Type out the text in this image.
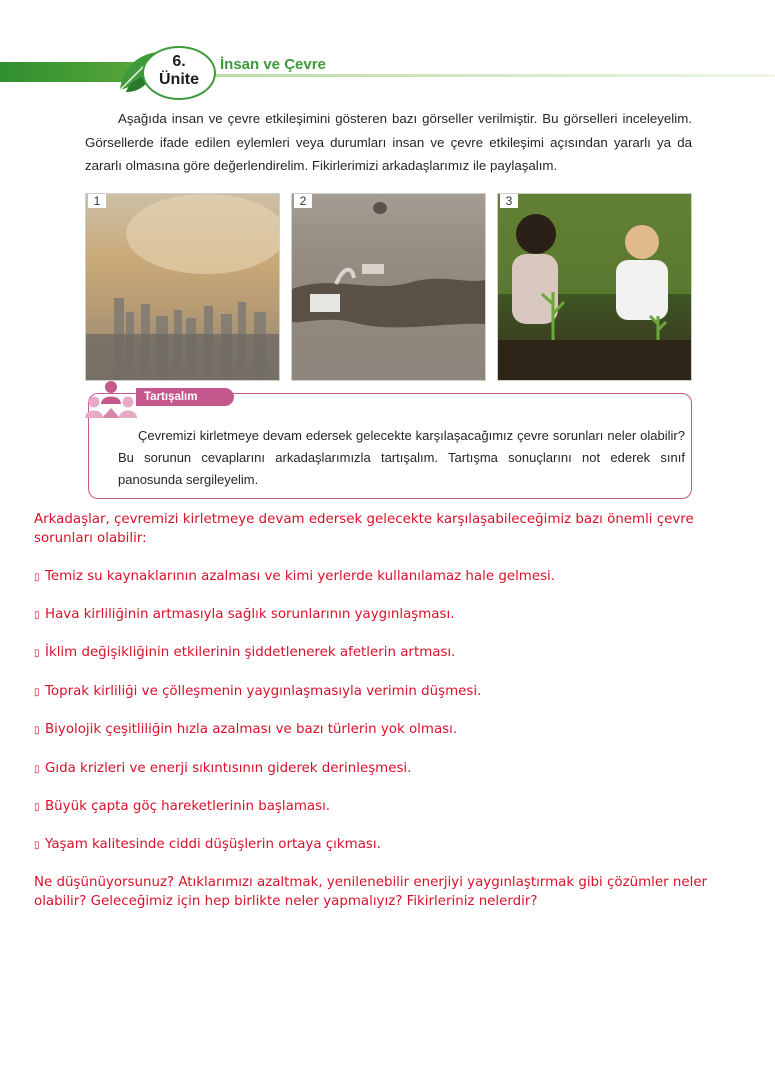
6.
Ünite
İnsan ve Çevre
Aşağıda insan ve çevre etkileşimini gösteren bazı görseller verilmiştir. Bu görselleri inceleyelim. Görsellerde ifade edilen eylemleri veya durumları insan ve çevre etkileşimi açısından yararlı ya da zararlı olmasına göre değerlendirelim. Fikirlerimizi arkadaşlarımız ile paylaşalım.
1	2	3
Tartışalım
Çevremizi kirletmeye devam edersek gelecekte karşılaşacağımız çevre sorunları neler olabilir? Bu sorunun cevaplarını arkadaşlarımızla tartışalım. Tartışma sonuçlarını not ederek sınıf panosunda sergileyelim.
Arkadaşlar, çevremizi kirletmeye devam edersek gelecekte karşılaşabileceğimiz bazı önemli çevre sorunları olabilir:
▯ Temiz su kaynaklarının azalması ve kimi yerlerde kullanılamaz hale gelmesi.
▯ Hava kirliliğinin artmasıyla sağlık sorunlarının yaygınlaşması.
▯ İklim değişikliğinin etkilerinin şiddetlenerek afetlerin artması.
▯ Toprak kirliliği ve çölleşmenin yaygınlaşmasıyla verimin düşmesi.
▯ Biyolojik çeşitliliğin hızla azalması ve bazı türlerin yok olması.
▯ Gıda krizleri ve enerji sıkıntısının giderek derinleşmesi.
▯ Büyük çapta göç hareketlerinin başlaması.
▯ Yaşam kalitesinde ciddi düşüşlerin ortaya çıkması.
Ne düşünüyorsunuz? Atıklarımızı azaltmak, yenilenebilir enerjiyi yaygınlaştırmak gibi çözümler neler olabilir? Geleceğimiz için hep birlikte neler yapmalıyız? Fikirleriniz nelerdir?
